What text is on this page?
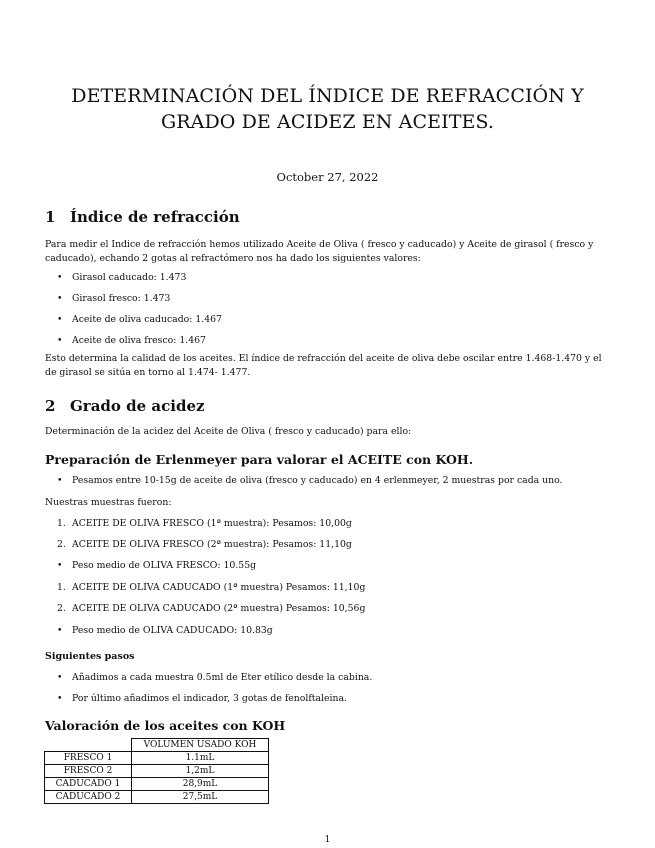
DETERMINACIÓN DEL ÍNDICE DE REFRACCIÓN Y GRADO DE ACIDEZ EN ACEITES.

October 27, 2022

1 Índice de refracción

Para medir el Indice de refracción hemos utilizado Aceite de Oliva ( fresco y caducado) y Aceite de girasol ( fresco y caducado), echando 2 gotas al refractómero nos ha dado los siguientes valores:

• Girasol caducado: 1.473

• Girasol fresco: 1.473

• Aceite de oliva caducado: 1.467

• Aceite de oliva fresco: 1.467

Esto determina la calidad de los aceites. El índice de refracción del aceite de oliva debe oscilar entre 1.468-1.470 y el de girasol se sitúa en torno al 1.474- 1.477.

2 Grado de acidez

Determinación de la acidez del Aceite de Oliva ( fresco y caducado) para ello:

Preparación de Erlenmeyer para valorar el ACEITE con KOH.

• Pesamos entre 10-15g de aceite de oliva (fresco y caducado) en 4 erlenmeyer, 2 muestras por cada uno.

Nuestras muestras fueron:

1. ACEITE DE OLIVA FRESCO (1ª muestra): Pesamos: 10,00g

2. ACEITE DE OLIVA FRESCO (2ª muestra): Pesamos: 11,10g

• Peso medio de OLIVA FRESCO: 10.55g

1. ACEITE DE OLIVA CADUCADO (1ª muestra) Pesamos: 11,10g

2. ACEITE DE OLIVA CADUCADO (2ª muestra) Pesamos: 10,56g

• Peso medio de OLIVA CADUCADO: 10.83g

Siguientes pasos

• Añadimos a cada muestra 0.5ml de Eter etílico desde la cabina.

• Por último añadimos el indicador, 3 gotas de fenolftaleina.

Valoración de los aceites con KOH
	VOLUMEN USADO KOH
FRESCO 1	1.1mL
FRESCO 2	1,2mL
CADUCADO 1	28,9mL
CADUCADO 2	27,5mL

1
